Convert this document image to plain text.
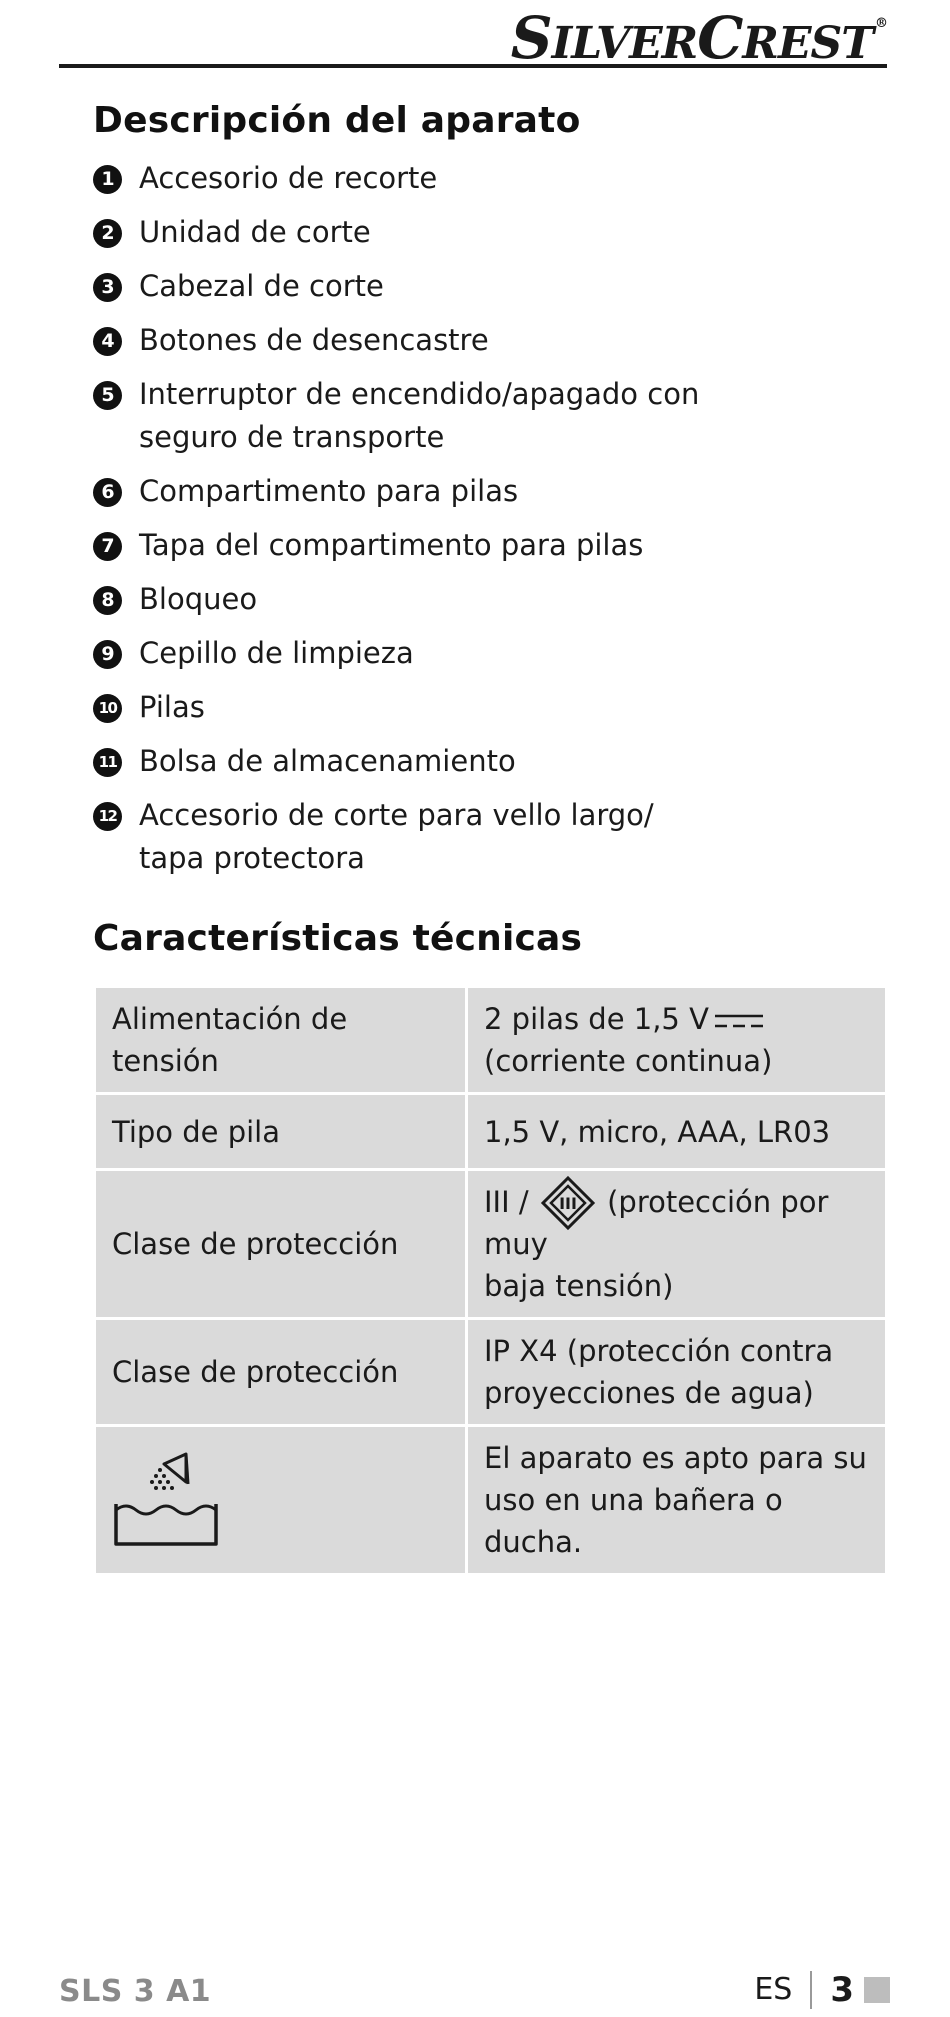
SILVERCREST ®
Descripción del aparato
1 Accesorio de recorte
2 Unidad de corte
3 Cabezal de corte
4 Botones de desencastre
5 Interruptor de encendido/apagado con
seguro de transporte
6 Compartimento para pilas
7 Tapa del compartimento para pilas
8 Bloqueo
9 Cepillo de limpieza
10 Pilas
11 Bolsa de almacenamiento
12 Accesorio de corte para vello largo/
tapa protectora
Características técnicas
Alimentación de tensión	2 pilas de 1,5 V
(corriente continua)
Tipo de pila	1,5 V, micro, AAA, LR03
Clase de protección	III / III (protección por muy
baja tensión)
Clase de protección	IP X4 (protección contra
proyecciones de agua)

	El aparato es apto para su
uso en una bañera o ducha.
SLS 3 A1	ES	3
